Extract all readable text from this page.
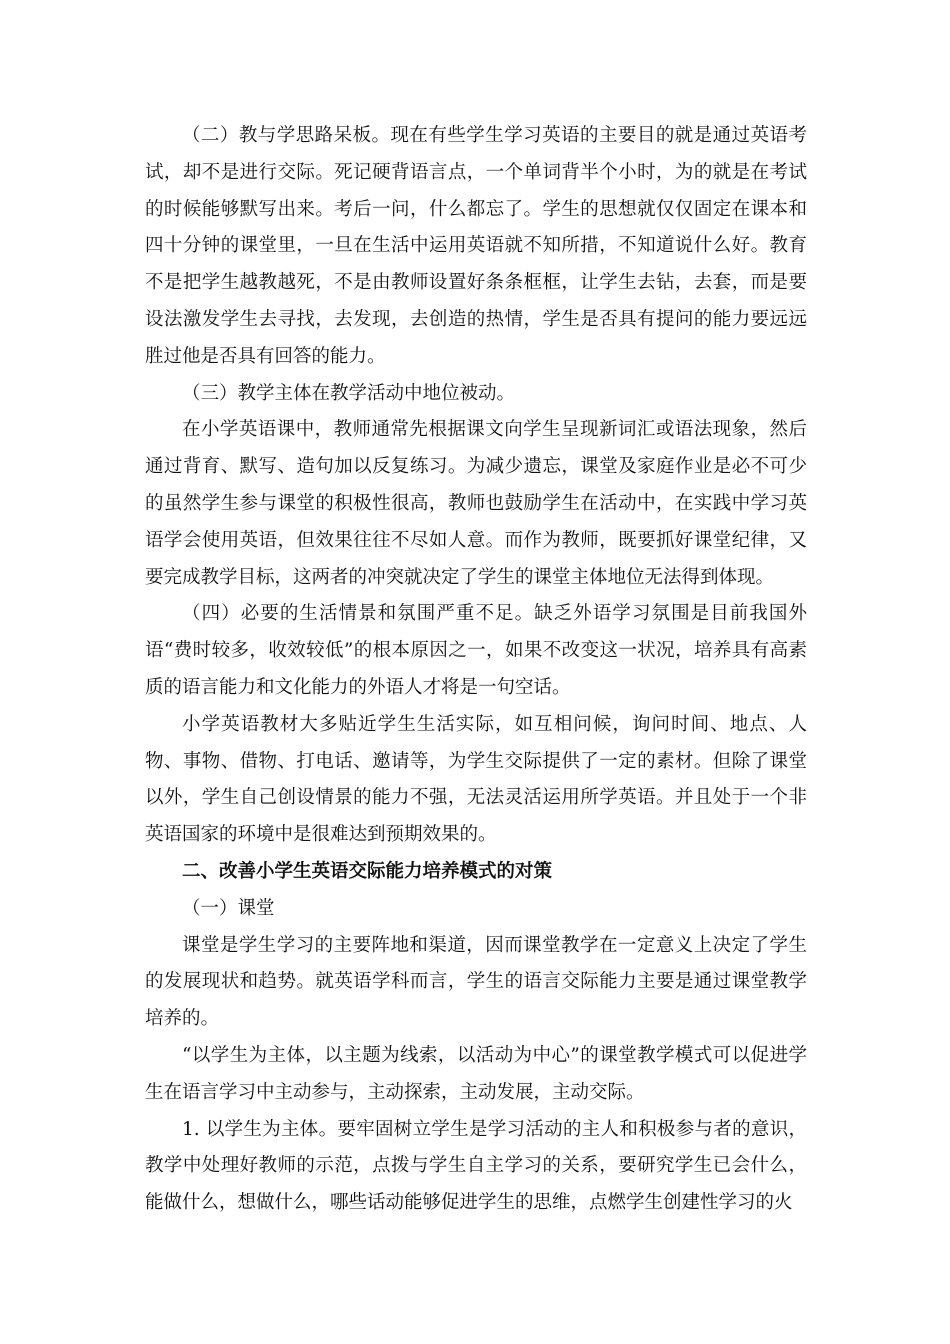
（二）教与学思路呆板。现在有些学生学习英语的主要目的就是通过英语考试，却不是进行交际。死记硬背语言点，一个单词背半个小时，为的就是在考试的时候能够默写出来。考后一问，什么都忘了。学生的思想就仅仅固定在课本和四十分钟的课堂里，一旦在生活中运用英语就不知所措，不知道说什么好。教育不是把学生越教越死，不是由教师设置好条条框框，让学生去钻，去套，而是要设法激发学生去寻找，去发现，去创造的热情，学生是否具有提问的能力要远远胜过他是否具有回答的能力。

（三）教学主体在教学活动中地位被动。

在小学英语课中，教师通常先根据课文向学生呈现新词汇或语法现象，然后通过背育、默写、造句加以反复练习。为减少遗忘，课堂及家庭作业是必不可少的虽然学生参与课堂的积极性很高，教师也鼓励学生在活动中，在实践中学习英语学会使用英语，但效果往往不尽如人意。而作为教师，既要抓好课堂纪律，又要完成教学目标，这两者的冲突就决定了学生的课堂主体地位无法得到体现。

（四）必要的生活情景和氛围严重不足。缺乏外语学习氛围是目前我国外语“费时较多，收效较低”的根本原因之一，如果不改变这一状况，培养具有高素质的语言能力和文化能力的外语人才将是一句空话。

小学英语教材大多贴近学生生活实际，如互相问候，询问时间、地点、人物、事物、借物、打电话、邀请等，为学生交际提供了一定的素材。但除了课堂以外，学生自己创设情景的能力不强，无法灵活运用所学英语。并且处于一个非英语国家的环境中是很难达到预期效果的。

二、改善小学生英语交际能力培养模式的对策

（一）课堂

课堂是学生学习的主要阵地和渠道，因而课堂教学在一定意义上决定了学生的发展现状和趋势。就英语学科而言，学生的语言交际能力主要是通过课堂教学培养的。

“以学生为主体，以主题为线索，以活动为中心”的课堂教学模式可以促进学生在语言学习中主动参与，主动探索，主动发展，主动交际。

1. 以学生为主体。要牢固树立学生是学习活动的主人和积极参与者的意识，教学中处理好教师的示范，点拨与学生自主学习的关系，要研究学生已会什么，能做什么，想做什么，哪些话动能够促进学生的思维，点燃学生创建性学习的火
